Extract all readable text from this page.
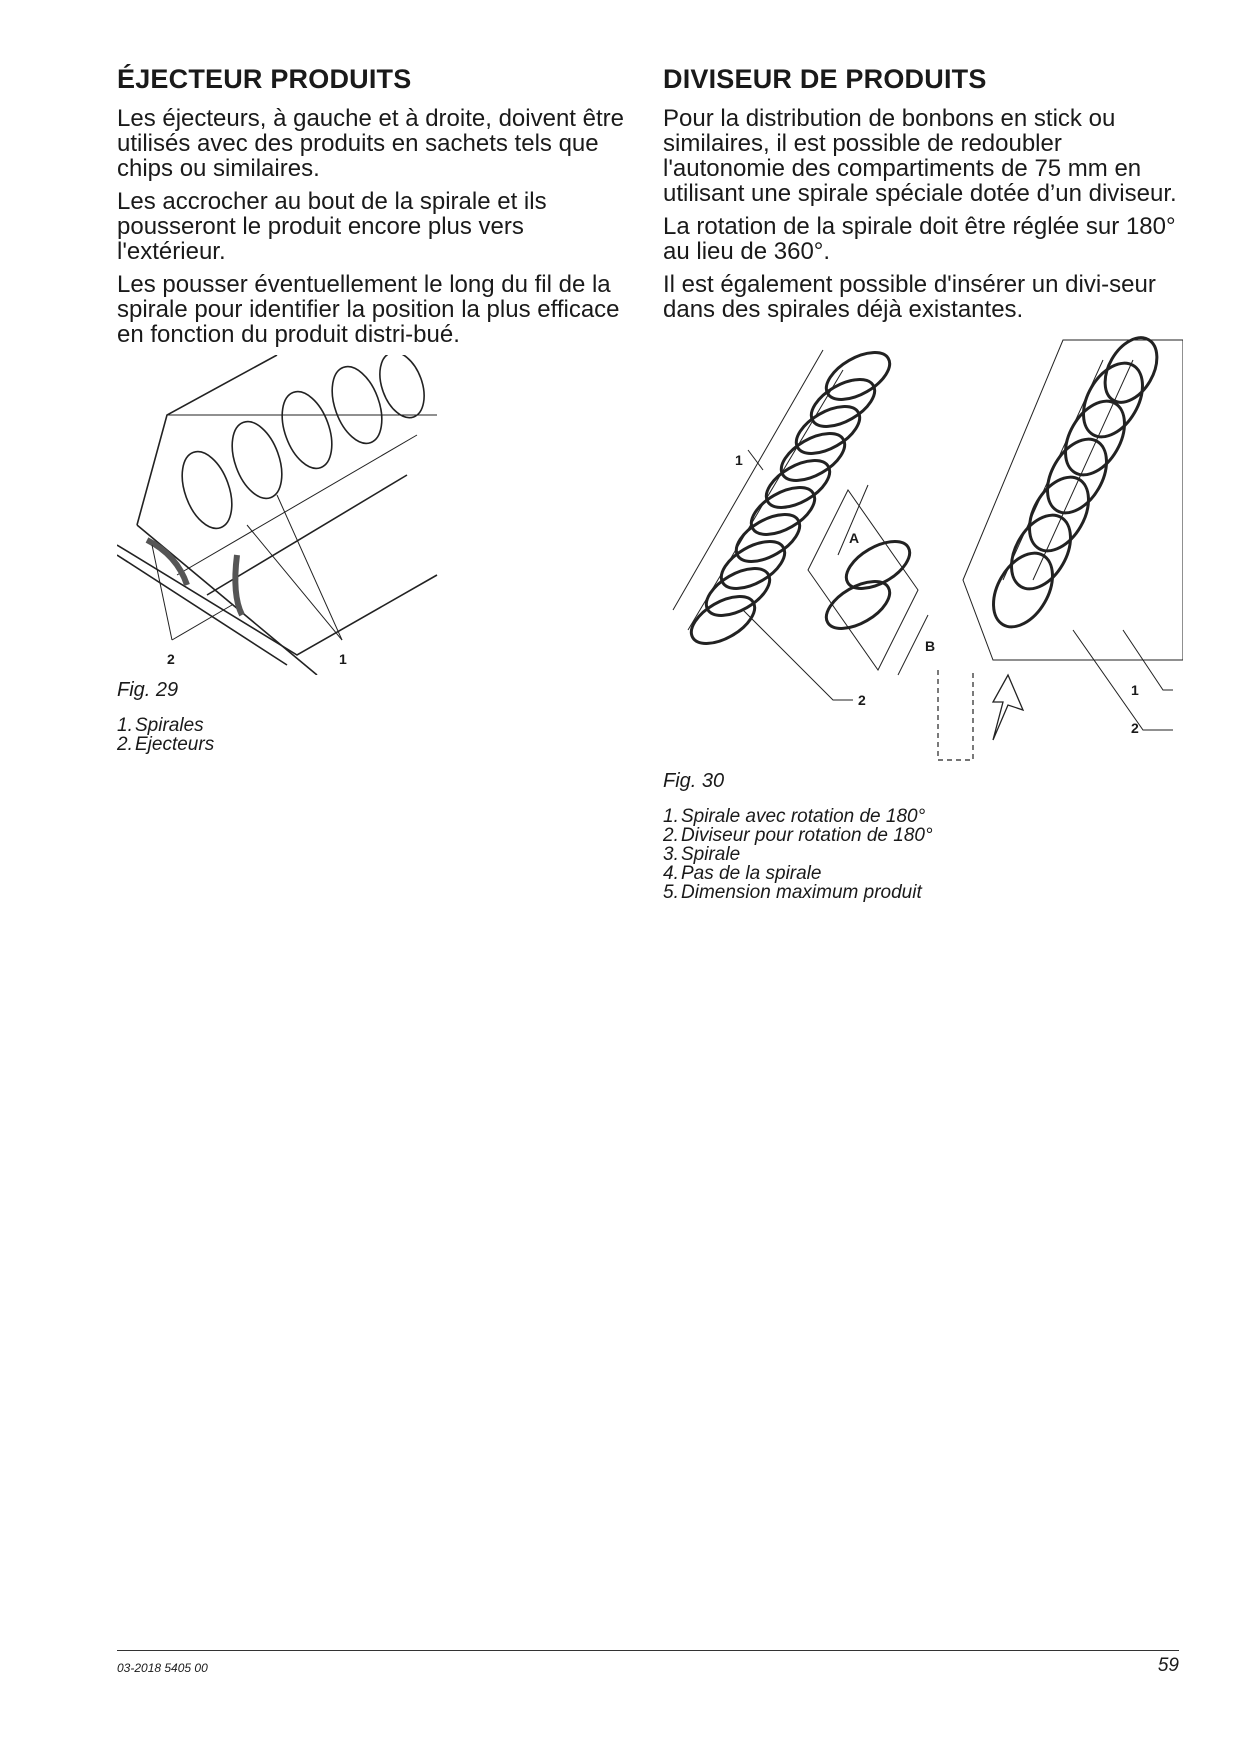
ÉJECTEUR PRODUITS

Les éjecteurs, à gauche et à droite, doivent être utilisés avec des produits en sachets tels que chips ou similaires.

Les accrocher au bout de la spirale et ils pousseront le produit encore plus vers l'extérieur.

Les pousser éventuellement le long du fil de la spirale pour identifier la position la plus efficace en fonction du produit distri-bué.

2	1
Fig. 29
1. Spirales
2. Ejecteurs
DIVISEUR DE PRODUITS

Pour la distribution de bonbons en stick ou similaires, il est possible de redoubler l'autonomie des compartiments de 75 mm en utilisant une spirale spéciale dotée d’un diviseur.

La rotation de la spirale doit être réglée sur 180° au lieu de 360°.

Il est également possible d'insérer un divi-seur dans des spirales déjà existantes.

1
A
B
2
1
2
Fig. 30
1. Spirale avec rotation de 180°
2. Diviseur pour rotation de 180°
3. Spirale
4. Pas de la spirale
5. Dimension maximum produit
03-2018 5405 00	59
